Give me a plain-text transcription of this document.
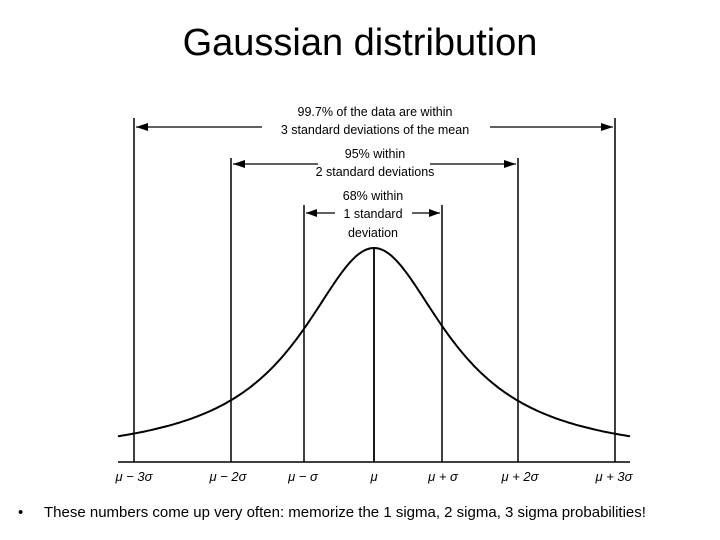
Gaussian distribution
99.7% of the data are within
3 standard deviations of the mean
95% within
2 standard deviations
68% within
1 standard
deviation
μ − 3σ	μ − 2σ	μ − σ	μ	μ + σ	μ + 2σ	μ + 3σ
• These numbers come up very often: memorize the 1 sigma, 2 sigma, 3 sigma probabilities!
